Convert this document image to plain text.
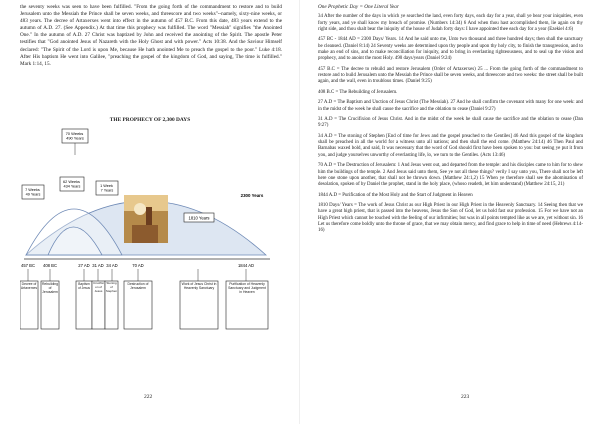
the seventy weeks was seen to have been fulfilled. "From the going forth of the commandment to restore and to build Jerusalem unto the Messiah the Prince shall be seven weeks, and threescore and two weeks"--namely, sixty-nine weeks, or 483 years. The decree of Artaxerxes went into effect in the autumn of 457 B.C. From this date, 483 years extend to the autumn of A.D. 27. (See Appendix.) At that time this prophecy was fulfilled. The word "Messiah" signifies "the Anointed One." In the autumn of A.D. 27 Christ was baptized by John and received the anointing of the Spirit. The apostle Peter testifies that "God anointed Jesus of Nazareth with the Holy Ghost and with power." Acts 10:38. And the Saviour Himself declared: "The Spirit of the Lord is upon Me, because He hath anointed Me to preach the gospel to the poor." Luke 4:18. After His baptism He went into Galilee, "preaching the gospel of the kingdom of God, and saying, The time is fulfilled." Mark 1:14, 15.

THE PROPHECY OF 2,300 DAYS

70 Weeks 490 Years
7 Weeks 49 Years
62 Weeks 434 Years	1 Week 7 Years
1810 Years
2300 Years
457 BC 408 BC	27 AD 31 AD 34 AD	70 AD	1844 AD
Decree of Artaxerxes
Rebuilding of Jerusalem
Baptism of Jesus
Crucifixion of Jesus
Stoning of Stephen
Destruction of Jerusalem
Work of Jesus Christ in Heavenly Sanctuary
Purification of Heavenly Sanctuary and Judgment in Heaven

222

One Prophetic Day = One Literal Year

34 After the number of the days in which ye searched the land, even forty days, each day for a year, shall ye bear your iniquities, even forty years, and ye shall know my breach of promise. (Numbers 14:34) 6 And when thou hast accomplished them, lie again on thy right side, and thou shalt bear the iniquity of the house of Judah forty days: I have appointed thee each day for a year (Ezekiel 4:6)

457 BC - 1844 AD = 2300 Days/ Years. 14 And he said unto me, Unto two thousand and three hundred days; then shall the sanctuary be cleansed. (Daniel 8:14) 24 Seventy weeks are determined upon thy people and upon thy holy city, to finish the transgression, and to make an end of sins, and to make reconciliation for iniquity, and to bring in everlasting righteousness, and to seal up the vision and prophecy, and to anoint the most Holy. 490 days/years (Daniel 9:24)

457 B.C = The decree to rebuild and restore Jerusalem (Order of Artaxerxes) 25 ... From the going forth of the commandment to restore and to build Jerusalem unto the Messiah the Prince shall be seven weeks, and threescore and two weeks: the street shall be built again, and the wall, even in troublous times. (Daniel 9:25)

408 B.C = The Rebuilding of Jerusalem.

27 A.D = The Baptism and Unction of Jesus Christ (The Messiah). 27 And he shall confirm the covenant with many for one week: and in the midst of the week he shall cause the sacrifice and the oblation to cease (Daniel 9:27)

31 A.D = The Crucifixion of Jesus Christ. And in the midst of the week he shall cause the sacrifice and the oblation to cease (Dan 9:27)

34 A.D = The stoning of Stephen [End of time for Jews and the gospel preached to the Gentiles] 46 And this gospel of the kingdom shall be preached in all the world for a witness unto all nations; and then shall the end come. (Matthew 24:14) 46 Then Paul and Barnabas waxed bold, and said, It was necessary that the word of God should first have been spoken to you: but seeing ye put it from you, and judge yourselves unworthy of everlasting life, lo, we turn to the Gentiles. (Acts 13:46)

70 A.D = The Destruction of Jerusalem: 1 And Jesus went out, and departed from the temple: and his disciples came to him for to shew him the buildings of the temple. 2 And Jesus said unto them, See ye not all these things? verily I say unto you, There shall not be left here one stone upon another, that shall not be thrown down. (Matthew 24:1,2) 15 When ye therefore shall see the abomination of desolation, spoken of by Daniel the prophet, stand in the holy place, (whoso readeth, let him understand) (Matthew 24:15, 21)

1844 A.D = Purification of the Most Holy and the Start of Judgment in Heaven

1810 Days/ Years = The work of Jesus Christ as our High Priest in our High Priest in the Heavenly Sanctuary. 14 Seeing then that we have a great high priest, that is passed into the heavens, Jesus the Son of God, let us hold fast our profession. 15 For we have not an High Priest which cannot be touched with the feeling of our infirmities; but was in all points tempted like as we are, yet without sin. 16 Let us therefore come boldly unto the throne of grace, that we may obtain mercy, and find grace to help in time of need (Hebrews 4:14-16)

223
